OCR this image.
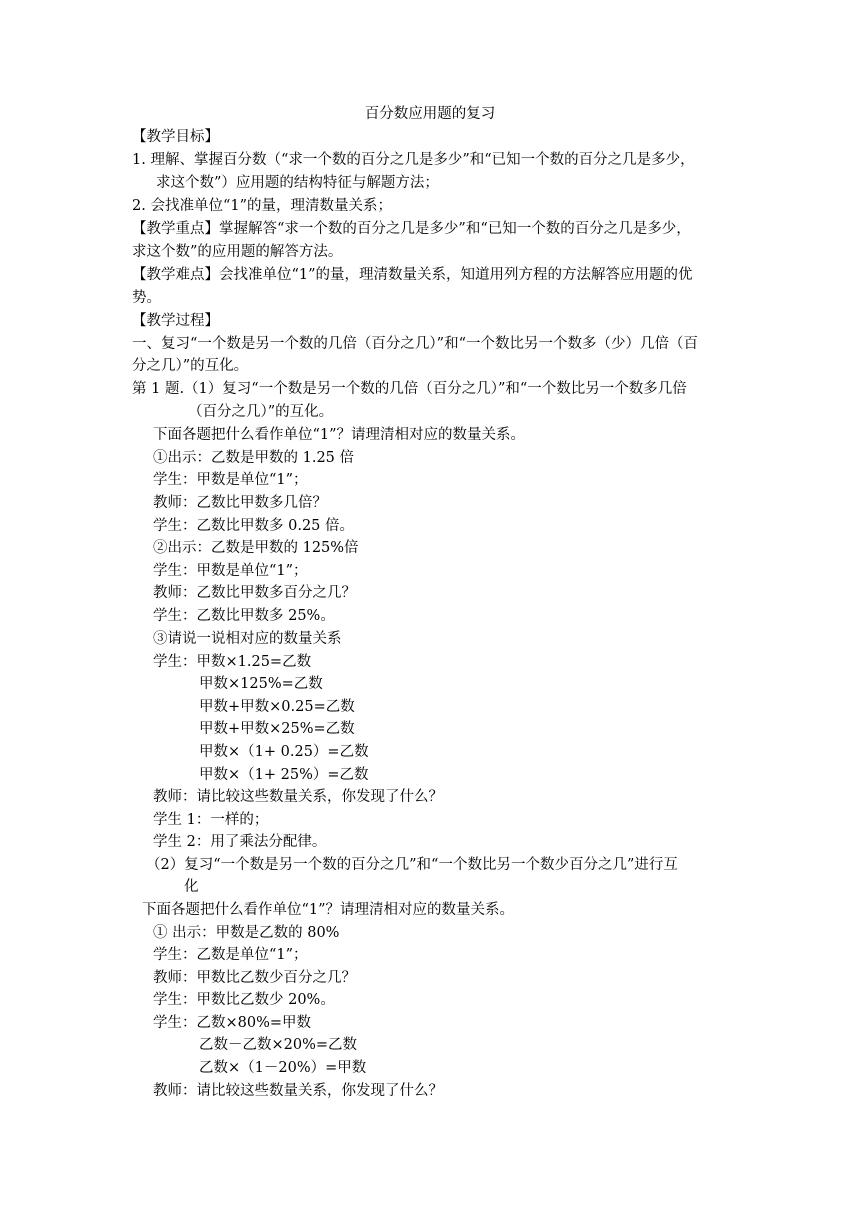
百分数应用题的复习
【教学目标】
1. 理解、掌握百分数（“求一个数的百分之几是多少”和“已知一个数的百分之几是多少，
求这个数”）应用题的结构特征与解题方法；
2. 会找准单位“1”的量，理清数量关系；
【教学重点】掌握解答“求一个数的百分之几是多少”和“已知一个数的百分之几是多少，
求这个数”的应用题的解答方法。
【教学难点】会找准单位“1”的量，理清数量关系，知道用列方程的方法解答应用题的优
势。
【教学过程】
一、复习“一个数是另一个数的几倍（百分之几）”和“一个数比另一个数多（少）几倍（百
分之几）”的互化。
第 1 题.（1）复习“一个数是另一个数的几倍（百分之几）”和“一个数比另一个数多几倍
（百分之几）”的互化。
下面各题把什么看作单位“1”？请理清相对应的数量关系。
①出示：乙数是甲数的 1.25 倍
学生：甲数是单位“1”；
教师：乙数比甲数多几倍？
学生：乙数比甲数多 0.25 倍。
②出示：乙数是甲数的 125%倍
学生：甲数是单位“1”；
教师：乙数比甲数多百分之几？
学生：乙数比甲数多 25%。
③请说一说相对应的数量关系
学生：甲数×1.25=乙数
甲数×125%=乙数
甲数+甲数×0.25=乙数
甲数+甲数×25%=乙数
甲数×（1+ 0.25）=乙数
甲数×（1+ 25%）=乙数
教师：请比较这些数量关系，你发现了什么？
学生 1：一样的；
学生 2：用了乘法分配律。
（2）复习“一个数是另一个数的百分之几”和“一个数比另一个数少百分之几”进行互
化
下面各题把什么看作单位“1”？请理清相对应的数量关系。
① 出示：甲数是乙数的 80%
学生：乙数是单位“1”；
教师：甲数比乙数少百分之几？
学生：甲数比乙数少 20%。
学生：乙数×80%=甲数
乙数－乙数×20%=乙数
乙数×（1－20%）=甲数
教师：请比较这些数量关系，你发现了什么？
